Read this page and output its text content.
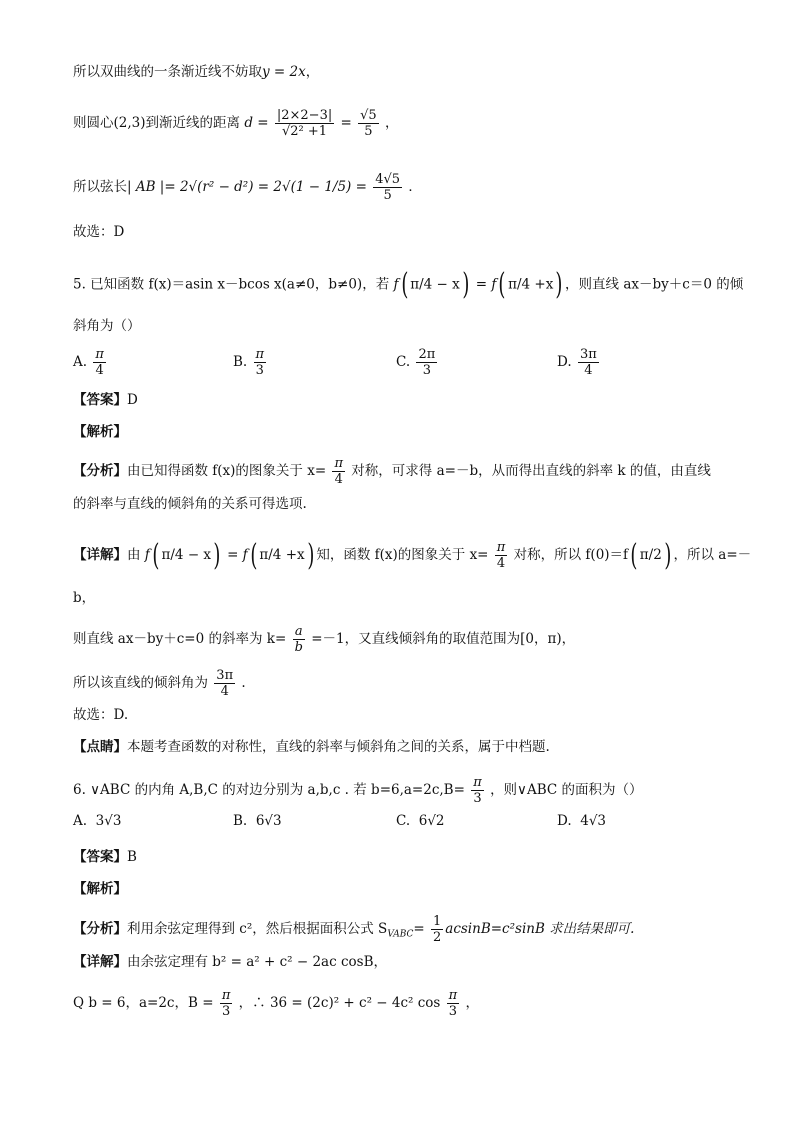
所以双曲线的一条渐近线不妨取y = 2x，
则圆心(2,3)到渐近线的距离 $d = \frac{|2\times 2-3|}{\text{√2² +1}} = \frac{√5}{5}$ ，
所以弦长| AB |= $2√(r^2 - d^2) = 2√(1 - 1/5) = \frac{4√5}{5}$ ．
故选：D
5. 已知函数 f(x)＝asin x－bcos x(a≠0，b≠0)，若 f( π/4 − x) = f( π/4 +x) ，则直线 ax－by＋c＝0 的倾
斜角为（）
A. $\frac{\pi}{4}$	B. $\frac{\pi}{3}$	C. $\frac{2\pi}{3}$	D. $\frac{3\pi}{4}$
【答案】D
【解析】
【分析】由已知得函数 f(x)的图象关于 $x= \frac{\pi}{4}$ 对称，可求得 a=－b，从而得出直线的斜率 k 的值，由直线
的斜率与直线的倾斜角的关系可得选项.
【详解】由 f( π/4 − x) = f( π/4 +x) 知，函数 f(x)的图象关于 $x= \frac{\pi}{4}$ 对称，所以 f(0)＝f( π/2) ，所以 a=－
b，
则直线 ax－by＋c=0 的斜率为 $k= \frac{a}{b} =-1$，又直线倾斜角的取值范围为[0，π)，
所以该直线的倾斜角为 $\frac{3\pi}{4}$ .
故选：D.
【点睛】本题考查函数的对称性，直线的斜率与倾斜角之间的关系，属于中档题.
6. ∨ABC 的内角 A,B,C 的对边分别为 a,b,c . 若 $b=6,a=2c,B= \frac{\pi}{3}$ ，则∨ABC 的面积为（）
A. 3√3	B. 6√3	C. 6√2	D. 4√3
【答案】B
【解析】
【分析】利用余弦定理得到 c²，然后根据面积公式 $S_{VABC}= \frac{1}{2} acsinB=c^2\sin B$ 求出结果即可.
【详解】由余弦定理有 b² = a² + c² − 2ac cosB，
Q b = 6，a=2c，$B = \frac{\pi}{3}$ ，∴ 36 = (2c)² + c² − 4c² $\cos \frac{\pi}{3}$ ，
